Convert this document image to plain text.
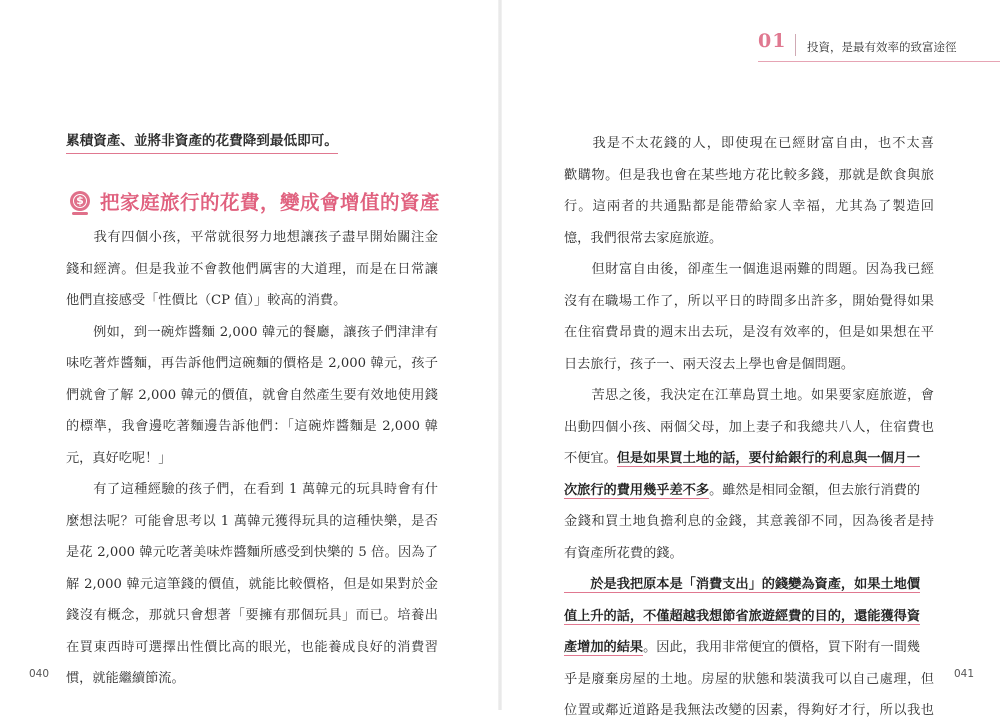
累積資產、並將非資產的花費降到最低即可。
$ 把家庭旅行的花費，變成會增值的資產
　　我有四個小孩，平常就很努力地想讓孩子盡早開始關注金
錢和經濟。但是我並不會教他們厲害的大道理，而是在日常讓
他們直接感受「性價比（CP 值）」較高的消費。
　　例如，到一碗炸醬麵 2,000 韓元的餐廳，讓孩子們津津有
味吃著炸醬麵，再告訴他們這碗麵的價格是 2,000 韓元，孩子
們就會了解 2,000 韓元的價值，就會自然產生要有效地使用錢
的標準，我會邊吃著麵邊告訴他們：「這碗炸醬麵是 2,000 韓
元，真好吃呢！」
　　有了這種經驗的孩子們，在看到 1 萬韓元的玩具時會有什
麼想法呢？可能會思考以 1 萬韓元獲得玩具的這種快樂，是否
是花 2,000 韓元吃著美味炸醬麵所感受到快樂的 5 倍。因為了
解 2,000 韓元這筆錢的價值，就能比較價格，但是如果對於金
錢沒有概念，那就只會想著「要擁有那個玩具」而已。培養出
在買東西時可選擇出性價比高的眼光，也能養成良好的消費習
慣，就能繼續節流。
040
01 投資，是最有效率的致富途徑
　　我是不太花錢的人，即使現在已經財富自由，也不太喜
歡購物。但是我也會在某些地方花比較多錢，那就是飲食與旅
行。這兩者的共通點都是能帶給家人幸福，尤其為了製造回
憶，我們很常去家庭旅遊。
　　但財富自由後，卻產生一個進退兩難的問題。因為我已經
沒有在職場工作了，所以平日的時間多出許多，開始覺得如果
在住宿費昂貴的週末出去玩，是沒有效率的，但是如果想在平
日去旅行，孩子一、兩天沒去上學也會是個問題。
　　苦思之後，我決定在江華島買土地。如果要家庭旅遊，會
出動四個小孩、兩個父母，加上妻子和我總共八人，住宿費也
不便宜。但是如果買土地的話，要付給銀行的利息與一個月一
次旅行的費用幾乎差不多。雖然是相同金額，但去旅行消費的
金錢和買土地負擔利息的金錢，其意義卻不同，因為後者是持
有資產所花費的錢。
　　於是我把原本是「消費支出」的錢變為資產，如果土地價
值上升的話，不僅超越我想節省旅遊經費的目的，還能獲得資
產增加的結果。因此，我用非常便宜的價格，買下附有一間幾
乎是廢棄房屋的土地。房屋的狀態和裝潢我可以自己處理，但
位置或鄰近道路是我無法改變的因素，得夠好才行，所以我也
041
